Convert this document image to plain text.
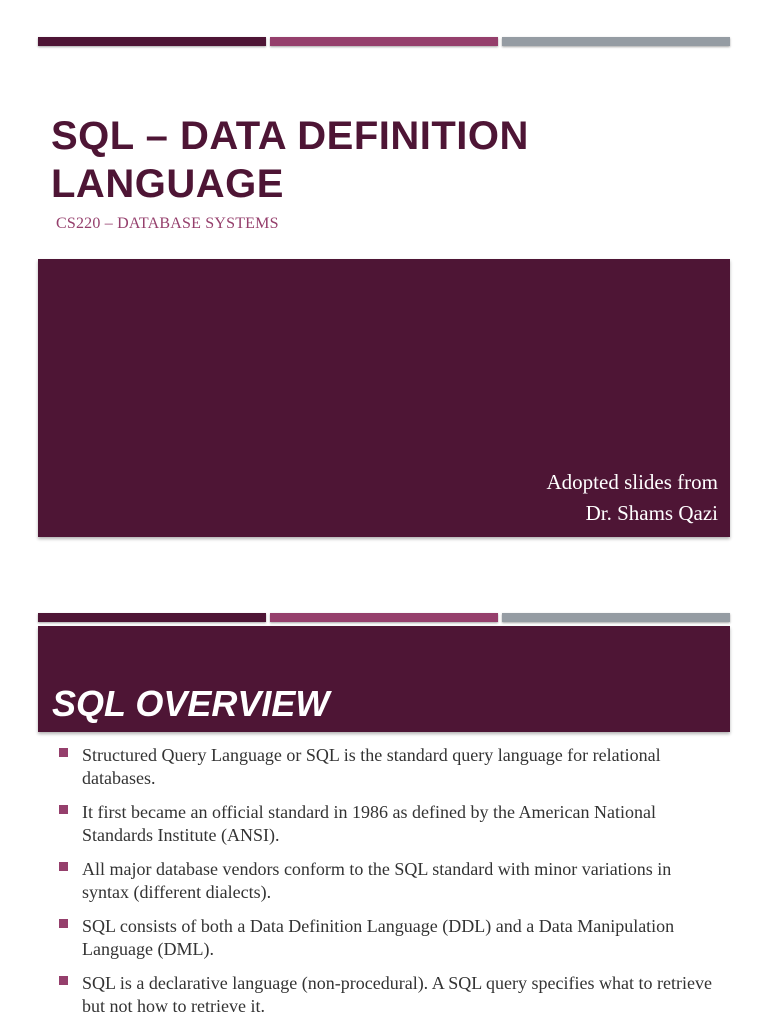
SQL – DATA DEFINITION LANGUAGE

CS220 – DATABASE SYSTEMS

Adopted slides from
Dr. Shams Qazi
SQL OVERVIEW
Structured Query Language or SQL is the standard query language for relational databases.
It first became an official standard in 1986 as defined by the American National Standards Institute (ANSI).
All major database vendors conform to the SQL standard with minor variations in syntax (different dialects).
SQL consists of both a Data Definition Language (DDL) and a Data Manipulation Language (DML).
SQL is a declarative language (non-procedural). A SQL query specifies what to retrieve but not how to retrieve it.
